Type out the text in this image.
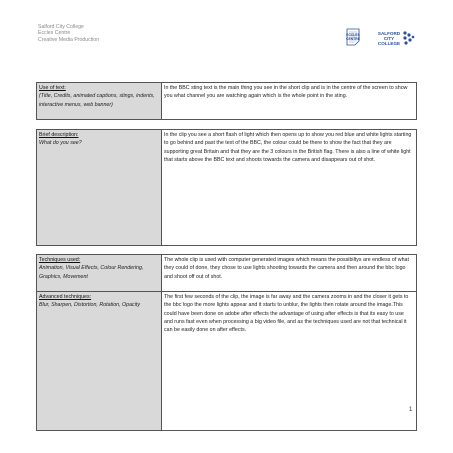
Salford City College
Eccles Centre
Creative Media Production
ECCLES
CENTRE
SALFORD
CITY
COLLEGE
Use of text:
(Title, Credits, animated captions, stings, indents, interactive menus, web banner)
	In the BBC sting text is the main thing you see in the short clip and is in the centre of the screen to show you what channel you are watching again which is the whole point in the sting.
Brief description:
What do you see?
	In the clip you see a short flash of light which then opens up to show you red blue and white lights starting to go behind and past the text of the BBC, the colour could be there to show the fact that they are supporting great Britain and that they are the 3 colours in the British flag. There is also a line of white light that starts above the BBC text and shoots towards the camera and disappears out of shot.
Techniques used:
Animation, Visual Effects, Colour Rendering, Graphics, Movement	The whole clip is used with computer generated images which means the possibiltys are endless of what they could of done, they chose to use lights shooting towards the camera and then around the bbc logo and shoot off out of shot.

Advanced techniques:
Blur, Sharpen, Distortion, Rotation, Opacity	The first few seconds of the clip, the image is far away and the camera zooms in and the closer it gets to the bbc logo the more lights appear and it starts to unblur, the lights then rotate around the image.This could have been done on adobe after effects the advantage of using after effects is that its easy to use and runs fast even when processing a big video file, and as the techniques used are not that technical it can be easily done on after effects.
1
